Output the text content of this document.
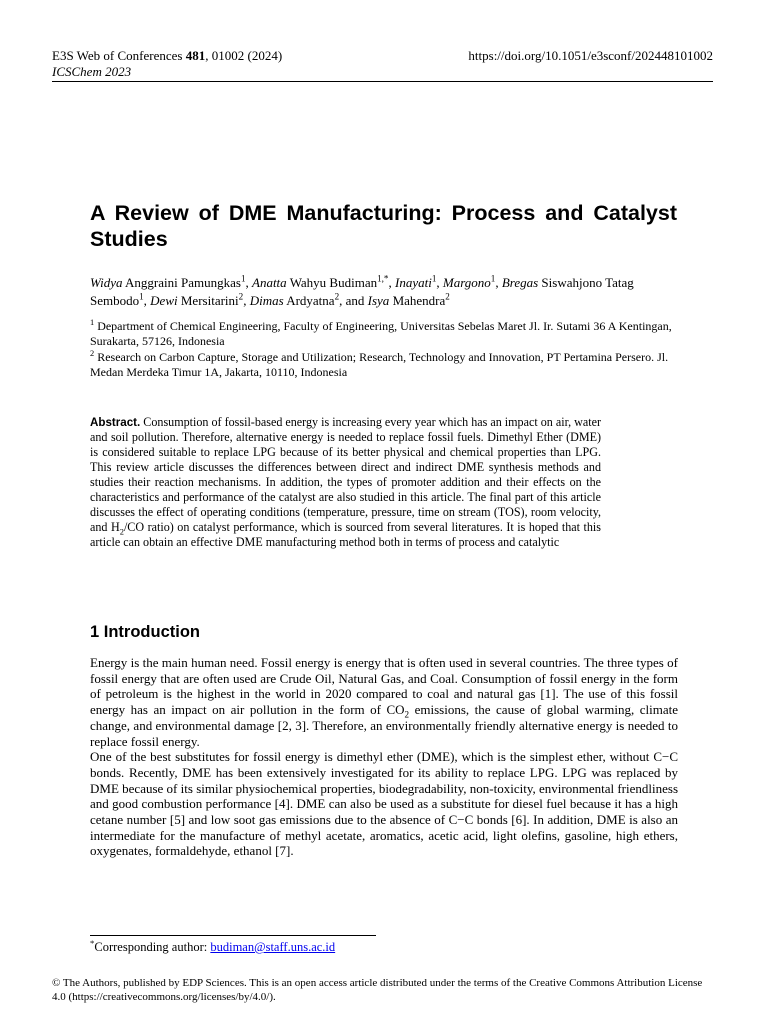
E3S Web of Conferences 481, 01002 (2024)
ICSChem 2023
https://doi.org/10.1051/e3sconf/202448101002
A Review of DME Manufacturing: Process and Catalyst Studies
Widya Anggraini Pamungkas$^1$, Anatta Wahyu Budiman$^{1,*}$, Inayati$^1$, Margono$^1$, Bregas Siswahjono Tatag Sembodo$^1$, Dewi Mersitarini$^2$, Dimas Ardyatna$^2$, and Isya Mahendra$^2$

$^1$ Department of Chemical Engineering, Faculty of Engineering, Universitas Sebelas Maret Jl. Ir. Sutami 36 A Kentingan, Surakarta, 57126, Indonesia

$^2$ Research on Carbon Capture, Storage and Utilization; Research, Technology and Innovation, PT Pertamina Persero. Jl. Medan Merdeka Timur 1A, Jakarta, 10110, Indonesia

Abstract. Consumption of fossil-based energy is increasing every year which has an impact on air, water and soil pollution. Therefore, alternative energy is needed to replace fossil fuels. Dimethyl Ether (DME) is considered suitable to replace LPG because of its better physical and chemical properties than LPG. This review article discusses the differences between direct and indirect DME synthesis methods and studies their reaction mechanisms. In addition, the types of promoter addition and their effects on the characteristics and performance of the catalyst are also studied in this article. The final part of this article discusses the effect of operating conditions (temperature, pressure, time on stream (TOS), room velocity, and $H_2/CO$ ratio) on catalyst performance, which is sourced from several literatures. It is hoped that this article can obtain an effective DME manufacturing method both in terms of process and catalytic

1 Introduction

Energy is the main human need. Fossil energy is energy that is often used in several countries. The three types of fossil energy that are often used are Crude Oil, Natural Gas, and Coal. Consumption of fossil energy in the form of petroleum is the highest in the world in 2020 compared to coal and natural gas [1]. The use of this fossil energy has an impact on air pollution in the form of $CO_2$ emissions, the cause of global warming, climate change, and environmental damage [2, 3]. Therefore, an environmentally friendly alternative energy is needed to replace fossil energy.

One of the best substitutes for fossil energy is dimethyl ether (DME), which is the simplest ether, without C−C bonds. Recently, DME has been extensively investigated for its ability to replace LPG. LPG was replaced by DME because of its similar physiochemical properties, biodegradability, non-toxicity, environmental friendliness and good combustion performance [4]. DME can also be used as a substitute for diesel fuel because it has a high cetane number [5] and low soot gas emissions due to the absence of C−C bonds [6]. In addition, DME is also an intermediate for the manufacture of methyl acetate, aromatics, acetic acid, light olefins, gasoline, high ethers, oxygenates, formaldehyde, ethanol [7].

*Corresponding author: budiman@staff.uns.ac.id
© The Authors, published by EDP Sciences. This is an open access article distributed under the terms of the Creative Commons Attribution License 4.0 (https://creativecommons.org/licenses/by/4.0/).
